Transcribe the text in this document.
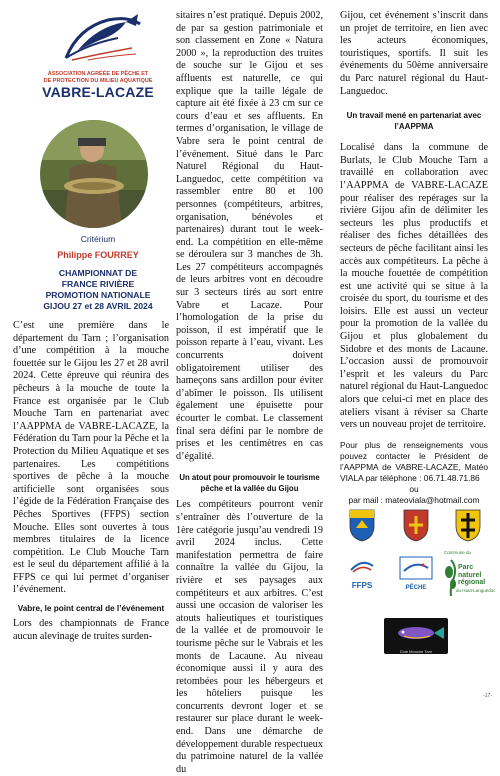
ASSOCIATION AGRÉÉE DE PÊCHE ET
DE PROTECTION DU MILIEU AQUATIQUE
VABRE-LACAZE
Critérium
Philippe FOURREY
CHAMPIONNAT DE
FRANCE RIVIÈRE
PROMOTION NATIONALE
GIJOU 27 et 28 AVRIL 2024

C’est une première dans le département du Tarn ; l’organisation d’une compétition à la mouche fouettée sur le Gijou les 27 et 28 avril 2024. Cette épreuve qui réunira des pêcheurs à la mouche de toute la France est organisée par le Club Mouche Tarn en partenariat avec l’AAPPMA de VABRE-LACAZE, la Fédération du Tarn pour la Pêche et la Protection du Milieu Aquatique et ses partenaires. Les compétitions sportives de pêche à la mouche artificielle sont organisées sous l’égide de la Fédération Française des Pêches Sportives (FFPS) section Mouche. Elles sont ouvertes à tous membres titulaires de la licence compétition. Le Club Mouche Tarn est le seul du département affilié à la FFPS ce qui lui permet d’organiser l’événement.

Vabre, le point central de l’événement

Lors des championnats de France aucun alevinage de truites surden-

sitaires n’est pratiqué. Depuis 2002, de par sa gestion patrimoniale et son classement en Zone « Natura 2000 », la reproduction des truites de souche sur le Gijou et ses affluents est naturelle, ce qui explique que la taille légale de capture ait été fixée à 23 cm sur ce cours d’eau et ses affluents. En termes d’organisation, le village de Vabre sera le point central de l’événement. Situé dans le Parc Naturel Régional du Haut-Languedoc, cette compétition va rassembler entre 80 et 100 personnes (compétiteurs, arbitres, organisation, bénévoles et partenaires) durant tout le week-end. La compétition en elle-même se déroulera sur 3 manches de 3h. Les 27 compétiteurs accompagnés de leurs arbitres vont en découdre sur 3 secteurs tirés au sort entre Vabre et Lacaze. Pour l’homologation de la prise du poisson, il est impératif que le poisson reparte à l’eau, vivant. Les concurrents doivent obligatoirement utiliser des hameçons sans ardillon pour éviter d’abîmer le poisson. Ils utilisent également une épuisette pour écourter le combat. Le classement final sera défini par le nombre de prises et les centimètres en cas d’égalité.

Un atout pour promouvoir le tourisme pêche et la vallée du Gijou

Les compétiteurs pourront venir s’entraîner dès l’ouverture de la 1ère catégorie jusqu’au vendredi 19 avril 2024 inclus. Cette manifestation permettra de faire connaître la vallée du Gijou, la rivière et ses paysages aux compétiteurs et aux arbitres. C’est aussi une occasion de valoriser les atouts halieutiques et touristiques de la vallée et de promouvoir le tourisme pêche sur le Vabrais et les monts de Lacaune. Au niveau économique aussi il y aura des retombées pour les hébergeurs et les hôteliers puisque les concurrents devront loger et se restaurer sur place durant le week-end. Dans une démarche de développement durable respectueux du patrimoine naturel de la vallée du

Gijou, cet événement s’inscrit dans un projet de territoire, en lien avec les acteurs économiques, touristiques, sportifs. Il suit les événements du 50ème anniversaire du Parc naturel régional du Haut-Languedoc.

Un travail mené en partenariat avec l’AAPPMA

Localisé dans la commune de Burlats, le Club Mouche Tarn a travaillé en collaboration avec l’AAPPMA de VABRE-LACAZE pour réaliser des repérages sur la rivière Gijou afin de délimiter les secteurs les plus productifs et réaliser des fiches détaillées des secteurs de pêche facilitant ainsi les accès aux compétiteurs. La pêche à la mouche fouettée de compétition est une activité qui se situe à la croisée du sport, du tourisme et des loisirs. Elle est aussi un vecteur pour la promotion de la vallée du Gijou et plus globalement du Sidobre et des monts de Lacaune. L’occasion aussi de promouvoir l’esprit et les valeurs du Parc naturel régional du Haut-Languedoc alors que celui-ci met en place des ateliers visant à réviser sa Charte vers un nouveau projet de territoire.

Pour plus de renseignements vous pouvez contacter le Président de l’AAPPMA de VABRE-LACAZE, Matéo VIALA par téléphone : 06.71.48.71.86

ou
par mail : mateoviala@hotmail.com
FFPS	PÊCHE
Commune du
Parc
naturel
régional
du Haut-Languedoc
Club Mouche Tarn
-17-
